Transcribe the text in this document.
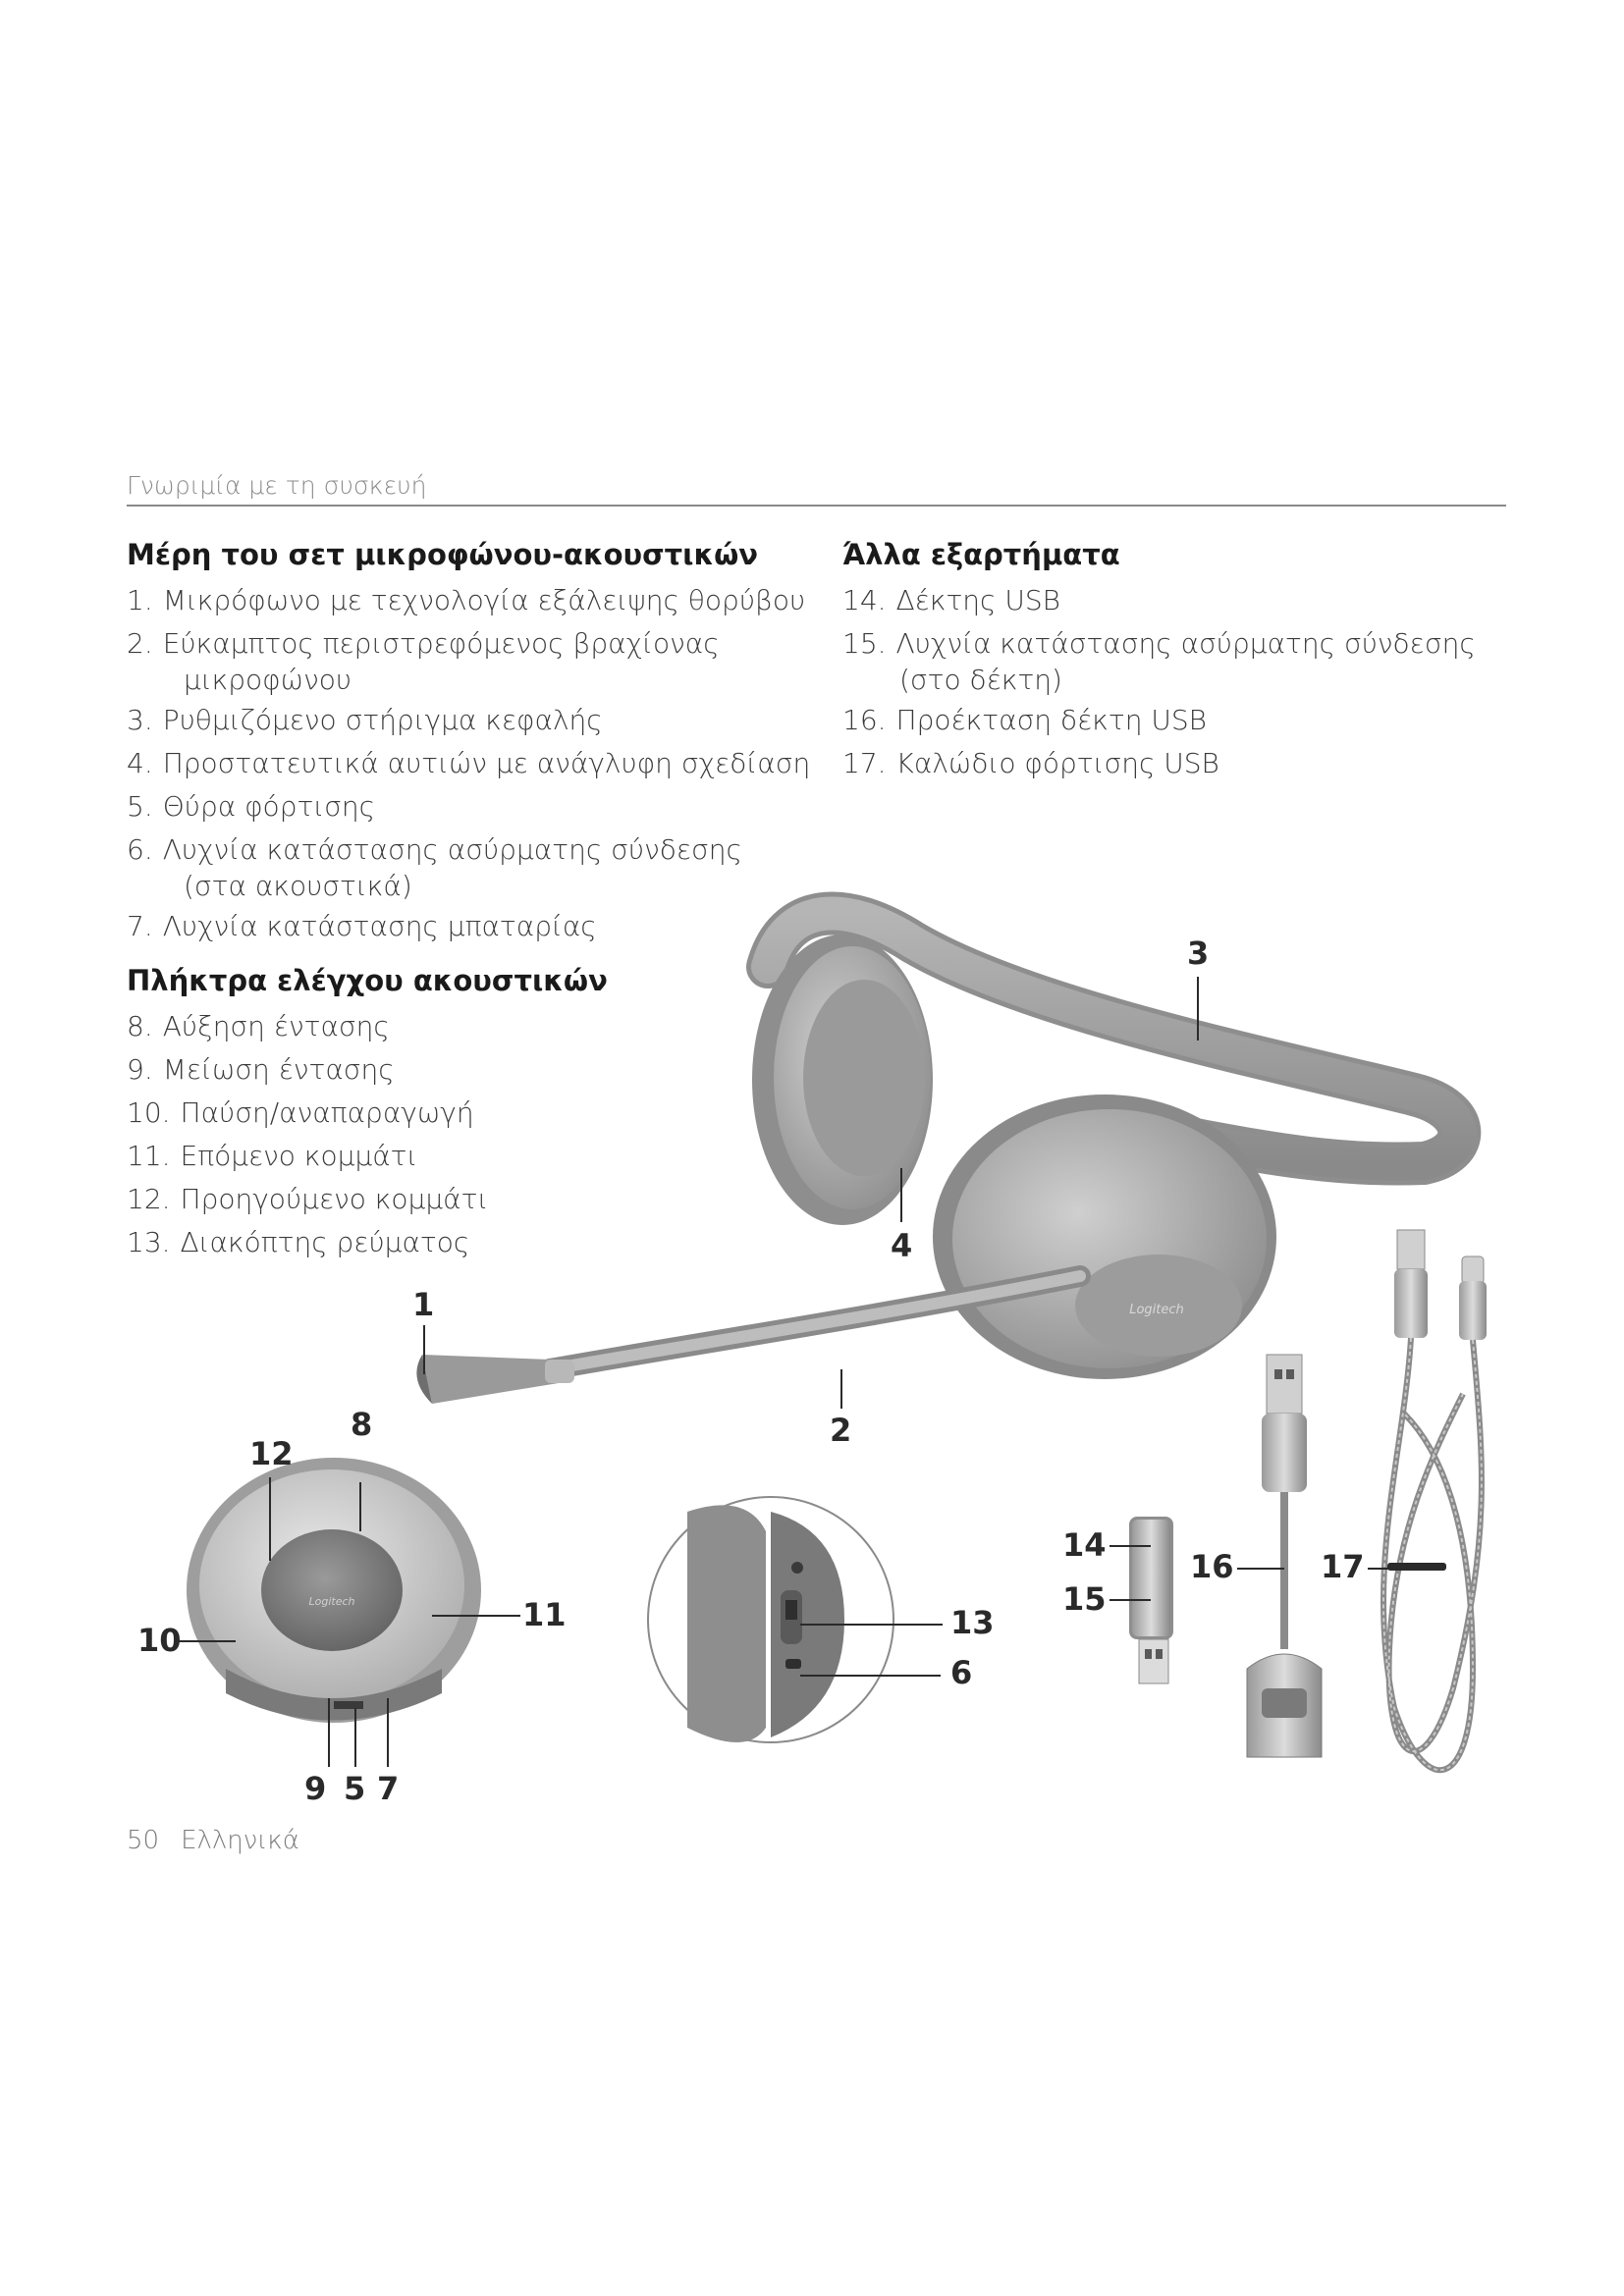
Γνωριμία με τη συσκευή
Μέρη του σετ μικροφώνου-ακουστικών
1. Μικρόφωνο με τεχνολογία εξάλειψης θορύβου
2. Εύκαμπτος περιστρεφόμενος βραχίονας
μικροφώνου
3. Ρυθμιζόμενο στήριγμα κεφαλής
4. Προστατευτικά αυτιών με ανάγλυφη σχεδίαση
5. Θύρα φόρτισης
6. Λυχνία κατάστασης ασύρματης σύνδεσης
(στα ακουστικά)
7. Λυχνία κατάστασης μπαταρίας
Πλήκτρα ελέγχου ακουστικών
8. Αύξηση έντασης
9. Μείωση έντασης
10. Παύση/αναπαραγωγή
11. Επόμενο κομμάτι
12. Προηγούμενο κομμάτι
13. Διακόπτης ρεύματος
Άλλα εξαρτήματα
14. Δέκτης USB
15. Λυχνία κατάστασης ασύρματης σύνδεσης
(στο δέκτη)
16. Προέκταση δέκτη USB
17. Καλώδιο φόρτισης USB
Logitech
Logitech
1
2
3
4
5
6
7
8
9
10
11
12
13
14
15
16	17
50 Ελληνικά
